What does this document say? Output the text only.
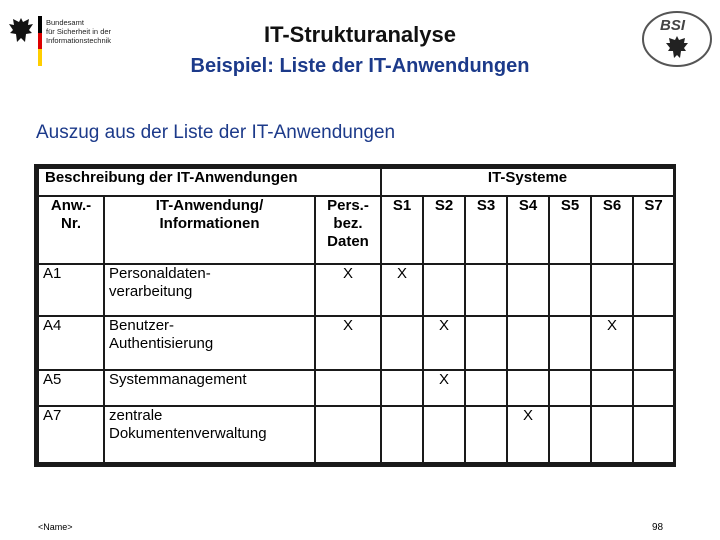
Bundesamt
für Sicherheit in der
Informationstechnik	IT-Strukturanalyse
Beispiel: Liste der IT-Anwendungen
BSI
Auszug aus der Liste der IT-Anwendungen
Beschreibung der IT-Anwendungen			IT-Systeme						
Anw.-
Nr.	IT-Anwendung/
Informationen	Pers.-
bez.
Daten	S1	S2	S3	S4	S5	S6	S7
A1	Personaldaten-
verarbeitung	X	X						
A4	Benutzer-
Authentisierung	X		X				X	
A5	Systemmanagement			X					
A7	zentrale
Dokumentenverwaltung					X			
<Name>	98
